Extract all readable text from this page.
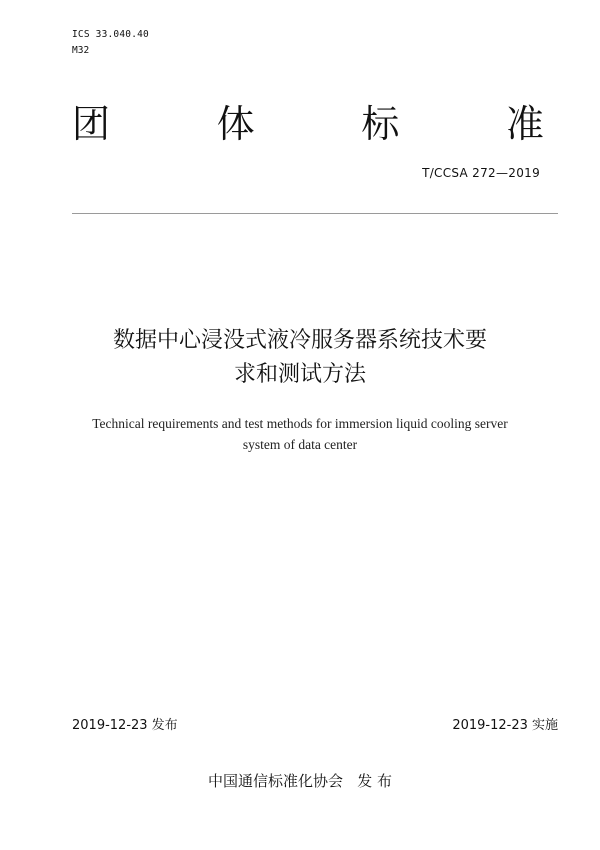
ICS 33.040.40
M32
团	体	标	准
T/CCSA 272—2019
数据中心浸没式液冷服务器系统技术要
求和测试方法
Technical requirements and test methods for immersion liquid cooling server
system of data center
2019-12-23 发布	2019-12-23 实施
中国通信标准化协会   发 布
